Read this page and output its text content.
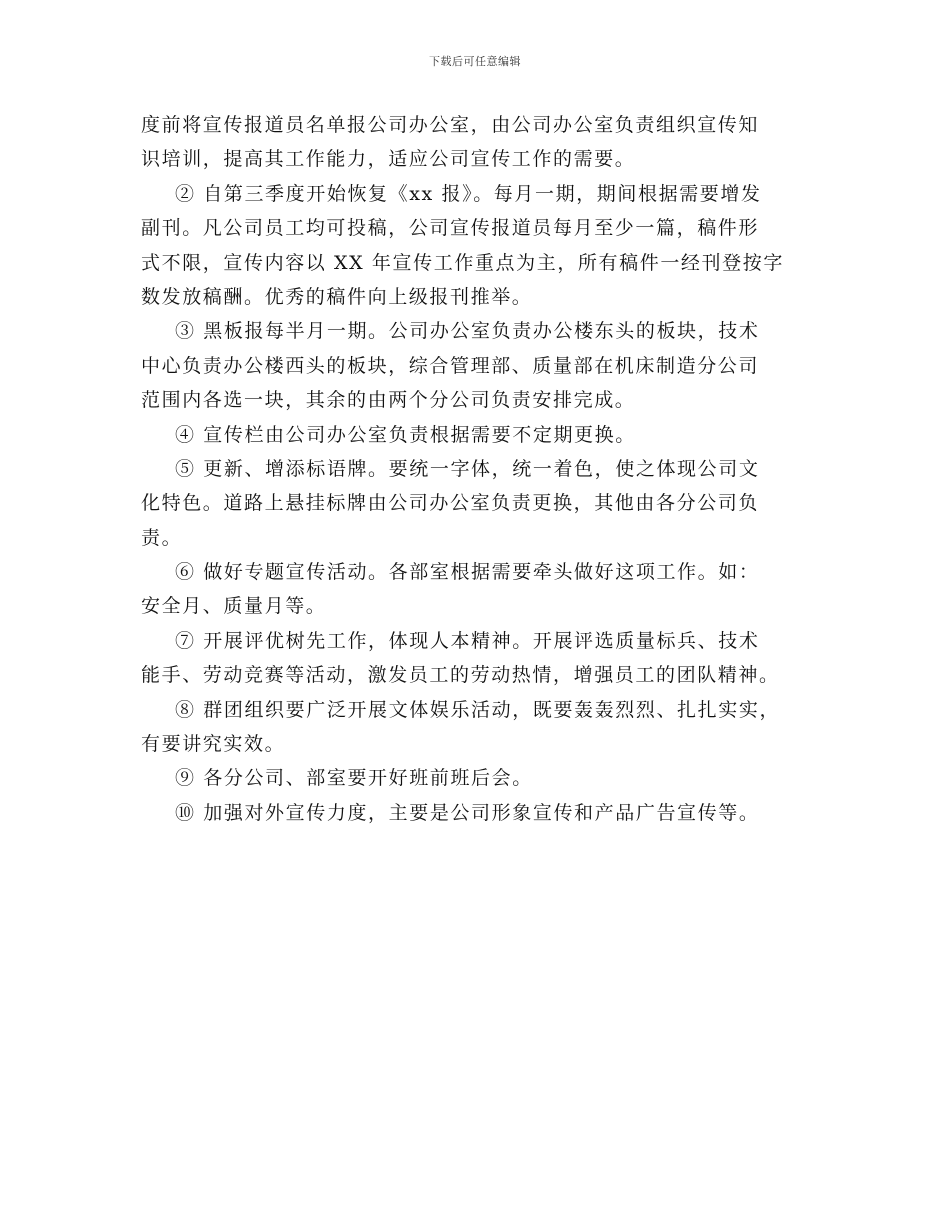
下载后可任意编辑
度前将宣传报道员名单报公司办公室，由公司办公室负责组织宣传知
识培训，提高其工作能力，适应公司宣传工作的需要。
② 自第三季度开始恢复《xx 报》。每月一期，期间根据需要增发
副刊。凡公司员工均可投稿，公司宣传报道员每月至少一篇，稿件形
式不限，宣传内容以 XX 年宣传工作重点为主，所有稿件一经刊登按字
数发放稿酬。优秀的稿件向上级报刊推举。
③ 黑板报每半月一期。公司办公室负责办公楼东头的板块，技术
中心负责办公楼西头的板块，综合管理部、质量部在机床制造分公司
范围内各选一块，其余的由两个分公司负责安排完成。
④ 宣传栏由公司办公室负责根据需要不定期更换。
⑤ 更新、增添标语牌。要统一字体，统一着色，使之体现公司文
化特色。道路上悬挂标牌由公司办公室负责更换，其他由各分公司负
责。
⑥ 做好专题宣传活动。各部室根据需要牵头做好这项工作。如：
安全月、质量月等。
⑦ 开展评优树先工作，体现人本精神。开展评选质量标兵、技术
能手、劳动竞赛等活动，激发员工的劳动热情，增强员工的团队精神。
⑧ 群团组织要广泛开展文体娱乐活动，既要轰轰烈烈、扎扎实实，
有要讲究实效。
⑨ 各分公司、部室要开好班前班后会。
⑩ 加强对外宣传力度，主要是公司形象宣传和产品广告宣传等。
